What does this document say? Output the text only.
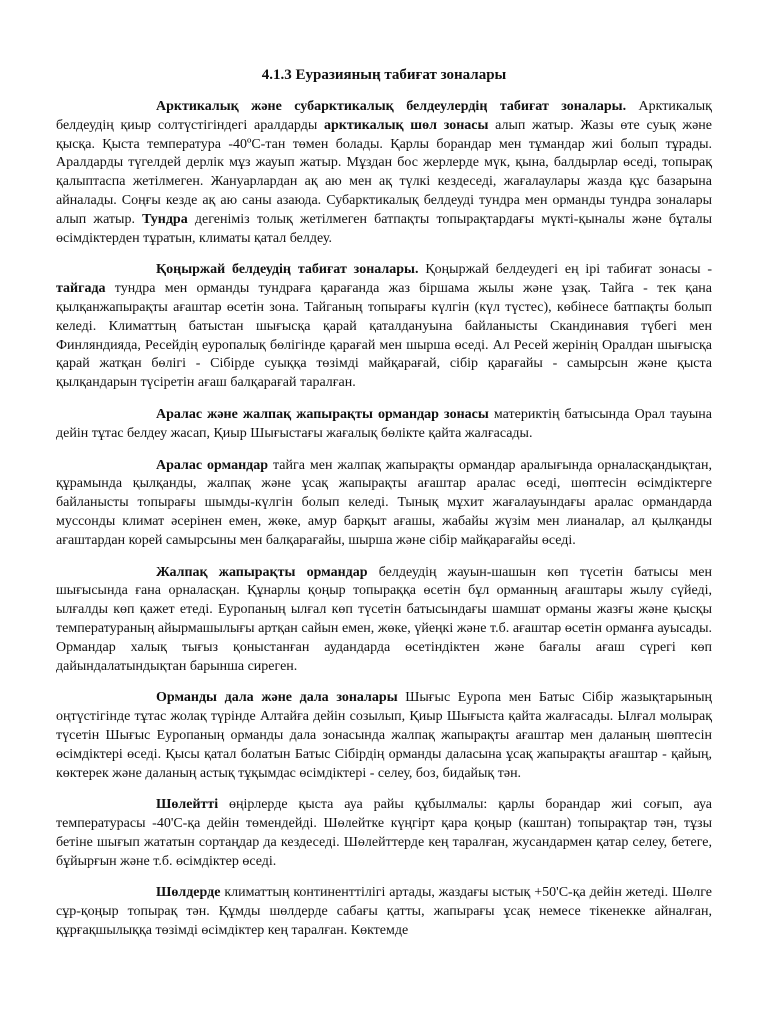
4.1.3 Еуразияның табиғат зоналары

Арктикалық және субарктикалық белдеулердің табиғат зоналары. Арктикалық белдеудің қиыр солтүстігіндегі аралдарды арктикалық шөл зонасы алып жатыр. Жазы өте суық және қысқа. Қыста температура -40ºС-тан төмен болады. Қарлы борандар мен тұмандар жиі болып тұрады. Аралдарды түгелдей дерлік мұз жауып жатыр. Мұздан бос жерлерде мүк, қына, балдырлар өседі, топырақ қалыптаспа жетілмеген. Жануарлардан ақ аю мен ақ түлкі кездеседі, жағалаулары жазда құс базарына айналады. Соңғы кезде ақ аю саны азаюда. Субарктикалық белдеуді тундра мен орманды тундра зоналары алып жатыр. Тундра дегеніміз толық жетілмеген батпақты топырақтардағы мүкті-қыналы және бұталы өсімдіктерден тұратын, климаты қатал белдеу.

Қоңыржай белдеудің табиғат зоналары. Қоңыржай белдеудегі ең ірі табиғат зонасы - тайгада тундра мен орманды тундраға қарағанда жаз біршама жылы және ұзақ. Тайга - тек қана қылқанжапырақты ағаштар өсетін зона. Тайганың топырағы күлгін (күл түстес), көбінесе батпақты болып келеді. Климаттың батыстан шығысқа қарай қаталдануына байланысты Скандинавия түбегі мен Финляндияда, Ресейдің еуропалық бөлігінде қарағай мен шырша өседі. Ал Ресей жерінің Оралдан шығысқа қарай жатқан бөлігі - Сібірде суыққа төзімді майқарағай, сібір қарағайы - самырсын және қыста қылқандарын түсіретін ағаш балқарағай таралған.

Аралас және жалпақ жапырақты ормандар зонасы материктің батысында Орал тауына дейін тұтас белдеу жасап, Қиыр Шығыстағы жағалық бөлікте қайта жалғасады.

Аралас ормандар тайга мен жалпақ жапырақты ормандар аралығында орналасқандықтан, құрамында қылқанды, жалпақ және ұсақ жапырақты ағаштар аралас өседі, шөптесін өсімдіктерге байланысты топырағы шымды-күлгін болып келеді. Тынық мұхит жағалауындағы аралас ормандарда муссонды климат әсерінен емен, жөке, амур барқыт ағашы, жабайы жүзім мен лианалар, ал қылқанды ағаштардан корей самырсыны мен балқарағайы, шырша және сібір майқарағайы өседі.

Жалпақ жапырақты ормандар белдеудің жауын-шашын көп түсетін батысы мен шығысында ғана орналасқан. Құнарлы қоңыр топыраққа өсетін бұл орманның ағаштары жылу сүйеді, ылғалды көп қажет етеді. Еуропаның ылғал көп түсетін батысындағы шамшат орманы жазғы және қысқы температураның айырмашылығы артқан сайын емен, жөке, үйеңкі және т.б. ағаштар өсетін орманға ауысады. Ормандар халық тығыз қоныстанған аудандарда өсетіндіктен және бағалы ағаш сүрегі көп дайындалатындықтан барынша сиреген.

Орманды дала және дала зоналары Шығыс Еуропа мен Батыс Сібір жазықтарының оңтүстігінде тұтас жолақ түрінде Алтайға дейін созылып, Қиыр Шығыста қайта жалғасады. Ылғал молырақ түсетін Шығыс Еуропаның орманды дала зонасында жалпақ жапырақты ағаштар мен даланың шөптесін өсімдіктері өседі. Қысы қатал болатын Батыс Сібірдің орманды даласына ұсақ жапырақты ағаштар - қайың, көктерек және даланың астық тұқымдас өсімдіктері - селеу, боз, бидайық тән.

Шөлейтті өңірлерде қыста ауа райы құбылмалы: қарлы борандар жиі соғып, ауа температурасы -40'С-қа дейін төмендейді. Шөлейтке күңгірт қара қоңыр (каштан) топырақтар тән, тұзы бетіне шығып жататын сортаңдар да кездеседі. Шөлейттерде кең таралған, жусандармен қатар селеу, бетеге, бұйырғын және т.б. өсімдіктер өседі.

Шөлдерде климаттың континенттілігі артады, жаздағы ыстық +50'С-қа дейін жетеді. Шөлге сұр-қоңыр топырақ тән. Құмды шөлдерде сабағы қатты, жапырағы ұсақ немесе тікенекке айналған, құрғақшылыққа төзімді өсімдіктер кең таралған. Көктемде
